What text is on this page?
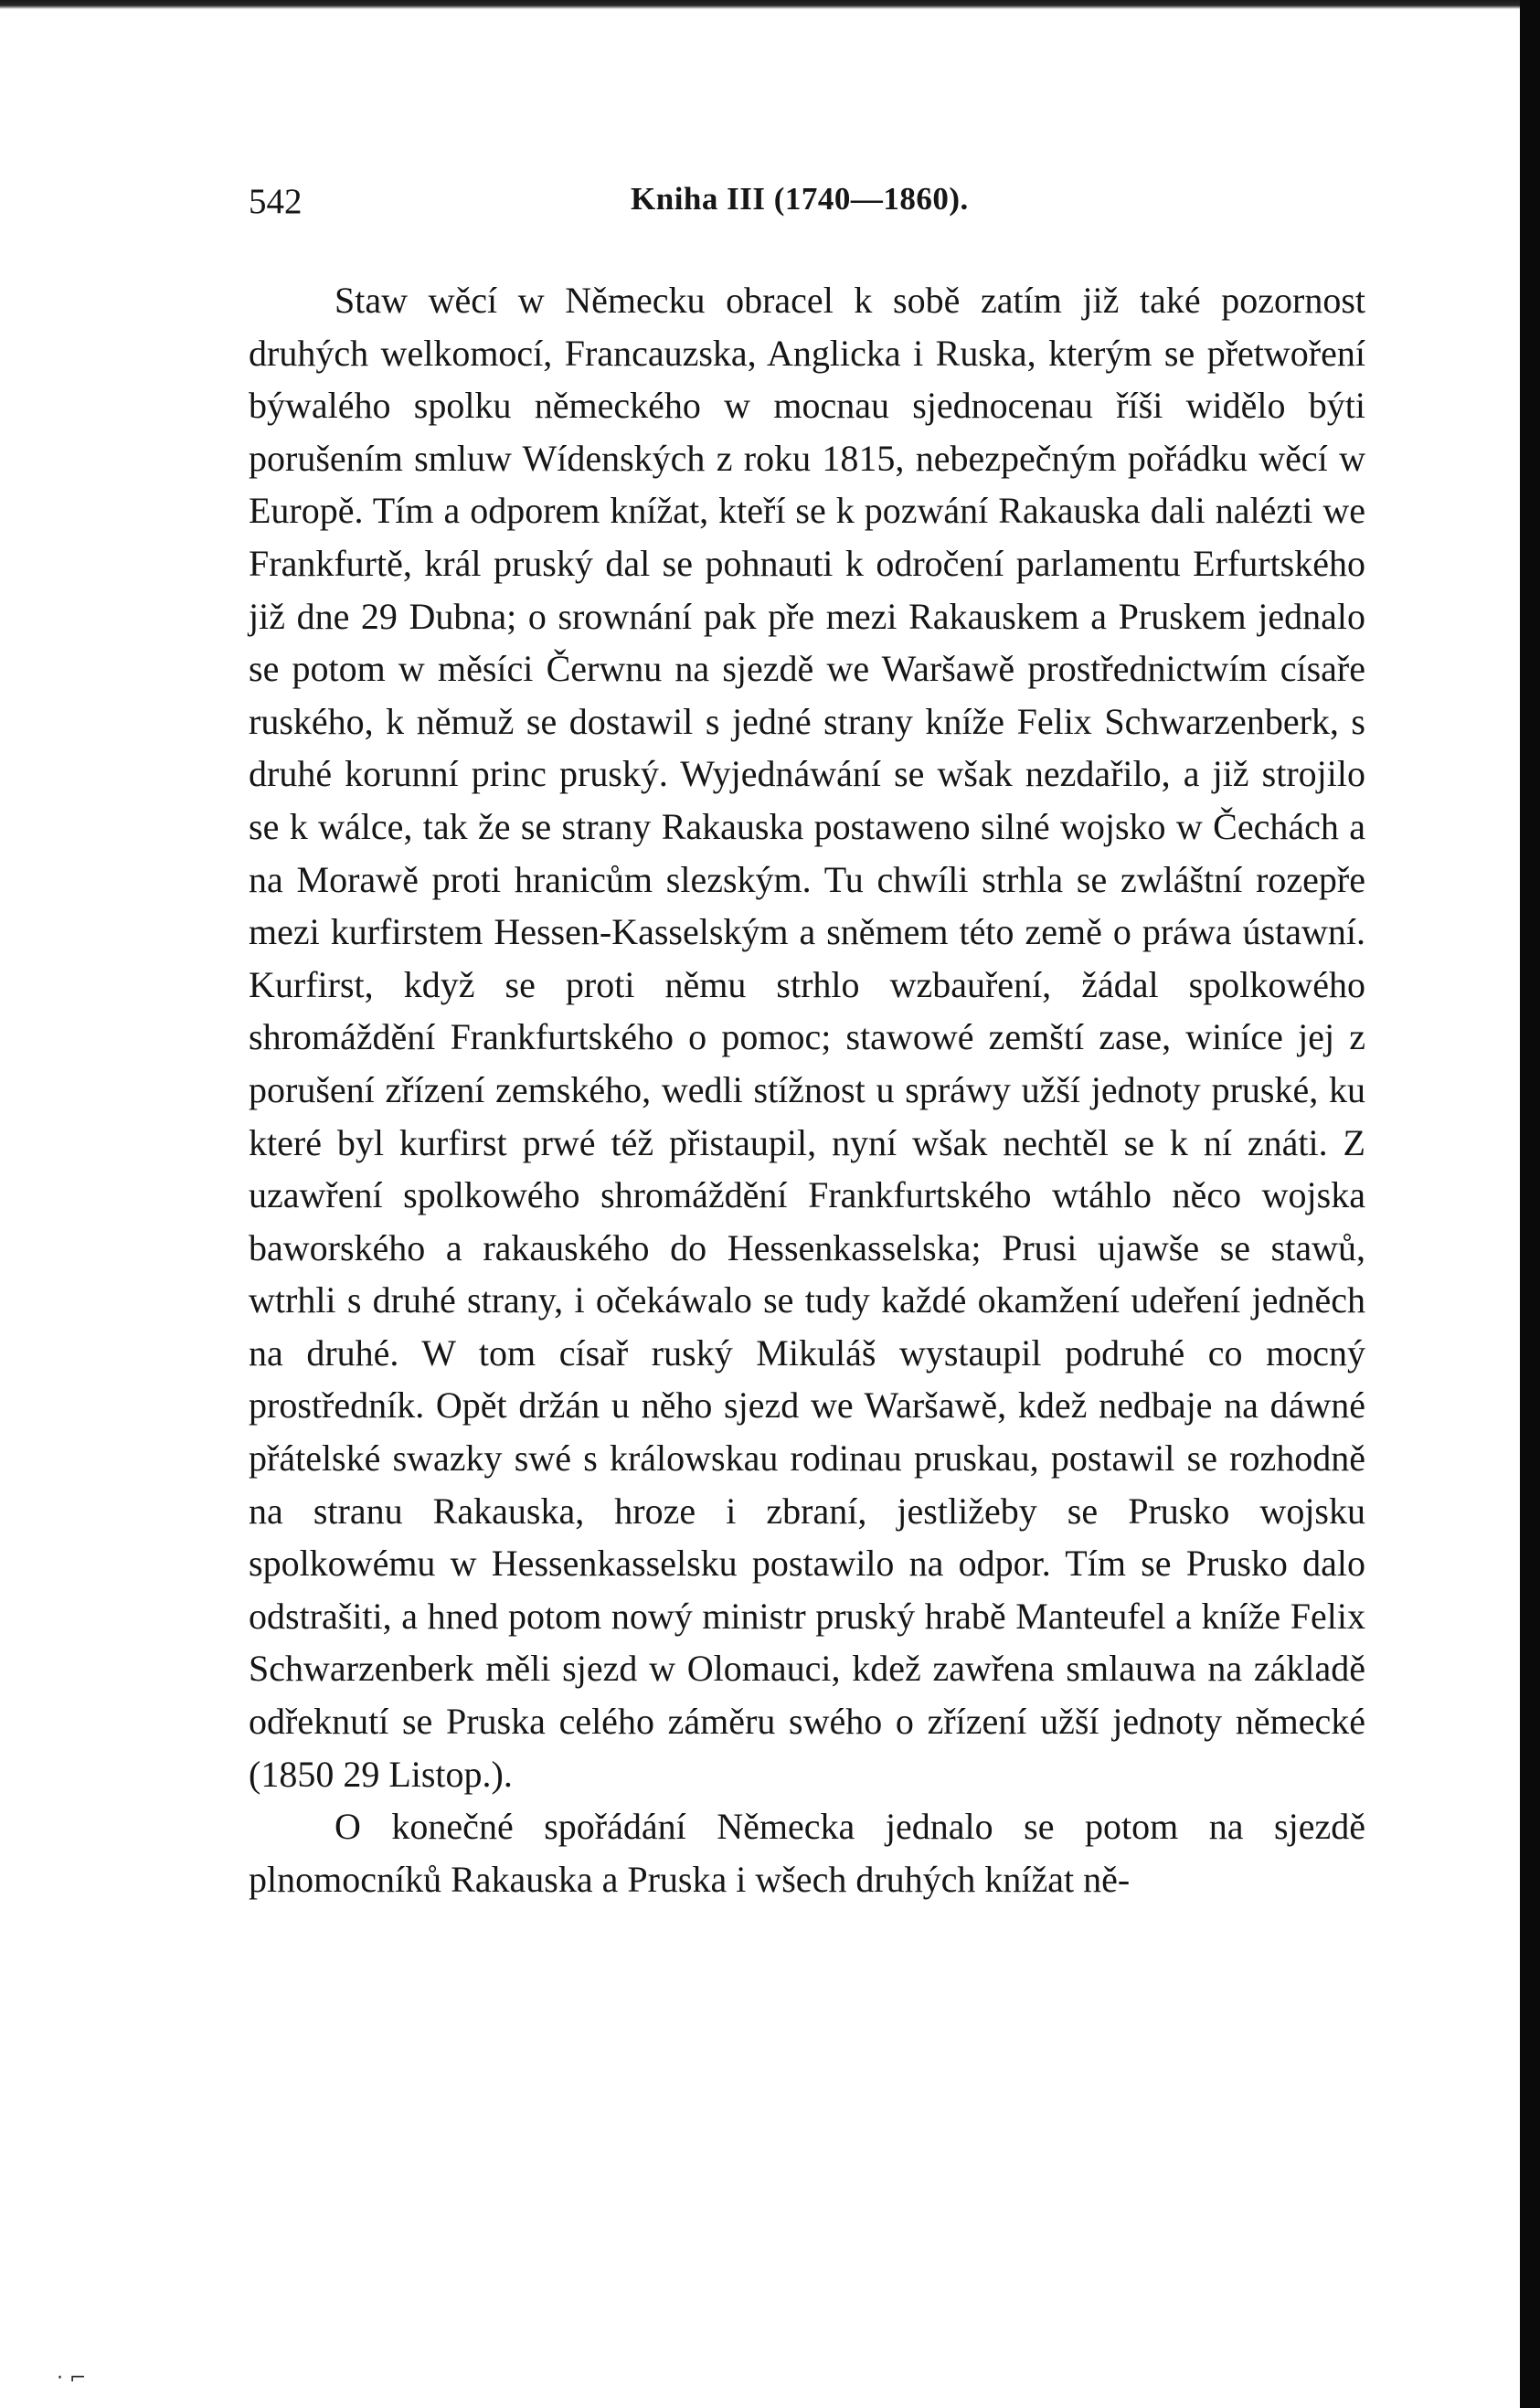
542	Kniha III (1740—1860).

Staw wěcí w Německu obracel k sobě zatím již také pozornost druhých welkomocí, Francauzska, Anglicka i Ruska, kterým se přetwoření býwalého spolku německého w mocnau sjednocenau říši widělo býti porušením smluw Wídenských z roku 1815, nebezpečným pořádku wěcí w Europě. Tím a odporem knížat, kteří se k pozwání Rakauska dali nalézti we Frankfurtě, král pruský dal se pohnauti k odročení parlamentu Erfurtského již dne 29 Dubna; o srownání pak pře mezi Rakauskem a Pruskem jednalo se potom w měsíci Čerwnu na sjezdě we Waršawě prostřednictwím císaře ruského, k němuž se dostawil s jedné strany kníže Felix Schwarzenberk, s druhé korunní princ pruský. Wyjednáwání se wšak nezdařilo, a již strojilo se k wálce, tak že se strany Rakauska postaweno silné wojsko w Čechách a na Morawě proti hranicům slezským. Tu chwíli strhla se zwláštní rozepře mezi kurfirstem Hessen-Kasselským a sněmem této země o práwa ústawní. Kurfirst, když se proti němu strhlo wzbauření, žádal spolkowého shromáždění Frankfurtského o pomoc; stawowé zemští zase, winíce jej z porušení zřízení zemského, wedli stížnost u spráwy užší jednoty pruské, ku které byl kurfirst prwé též přistaupil, nyní wšak nechtěl se k ní znáti. Z uzawření spolkowého shromáždění Frankfurtského wtáhlo něco wojska baworského a rakauského do Hessenkasselska; Prusi ujawše se stawů, wtrhli s druhé strany, i očekáwalo se tudy každé okamžení udeření jedněch na druhé. W tom císař ruský Mikuláš wystaupil podruhé co mocný prostředník. Opět držán u něho sjezd we Waršawě, kdež nedbaje na dáwné přátelské swazky swé s králowskau rodinau pruskau, postawil se rozhodně na stranu Rakauska, hroze i zbraní, jestližeby se Prusko wojsku spolkowému w Hessenkasselsku postawilo na odpor. Tím se Prusko dalo odstrašiti, a hned potom nowý ministr pruský hrabě Manteufel a kníže Felix Schwarzenberk měli sjezd w Olomauci, kdež zawřena smlauwa na základě odřeknutí se Pruska celého záměru swého o zřízení užší jednoty německé (1850 29 Listop.).

O konečné spořádání Německa jednalo se potom na sjezdě plnomocníků Rakauska a Pruska i wšech druhých knížat ně-

· ⌐
